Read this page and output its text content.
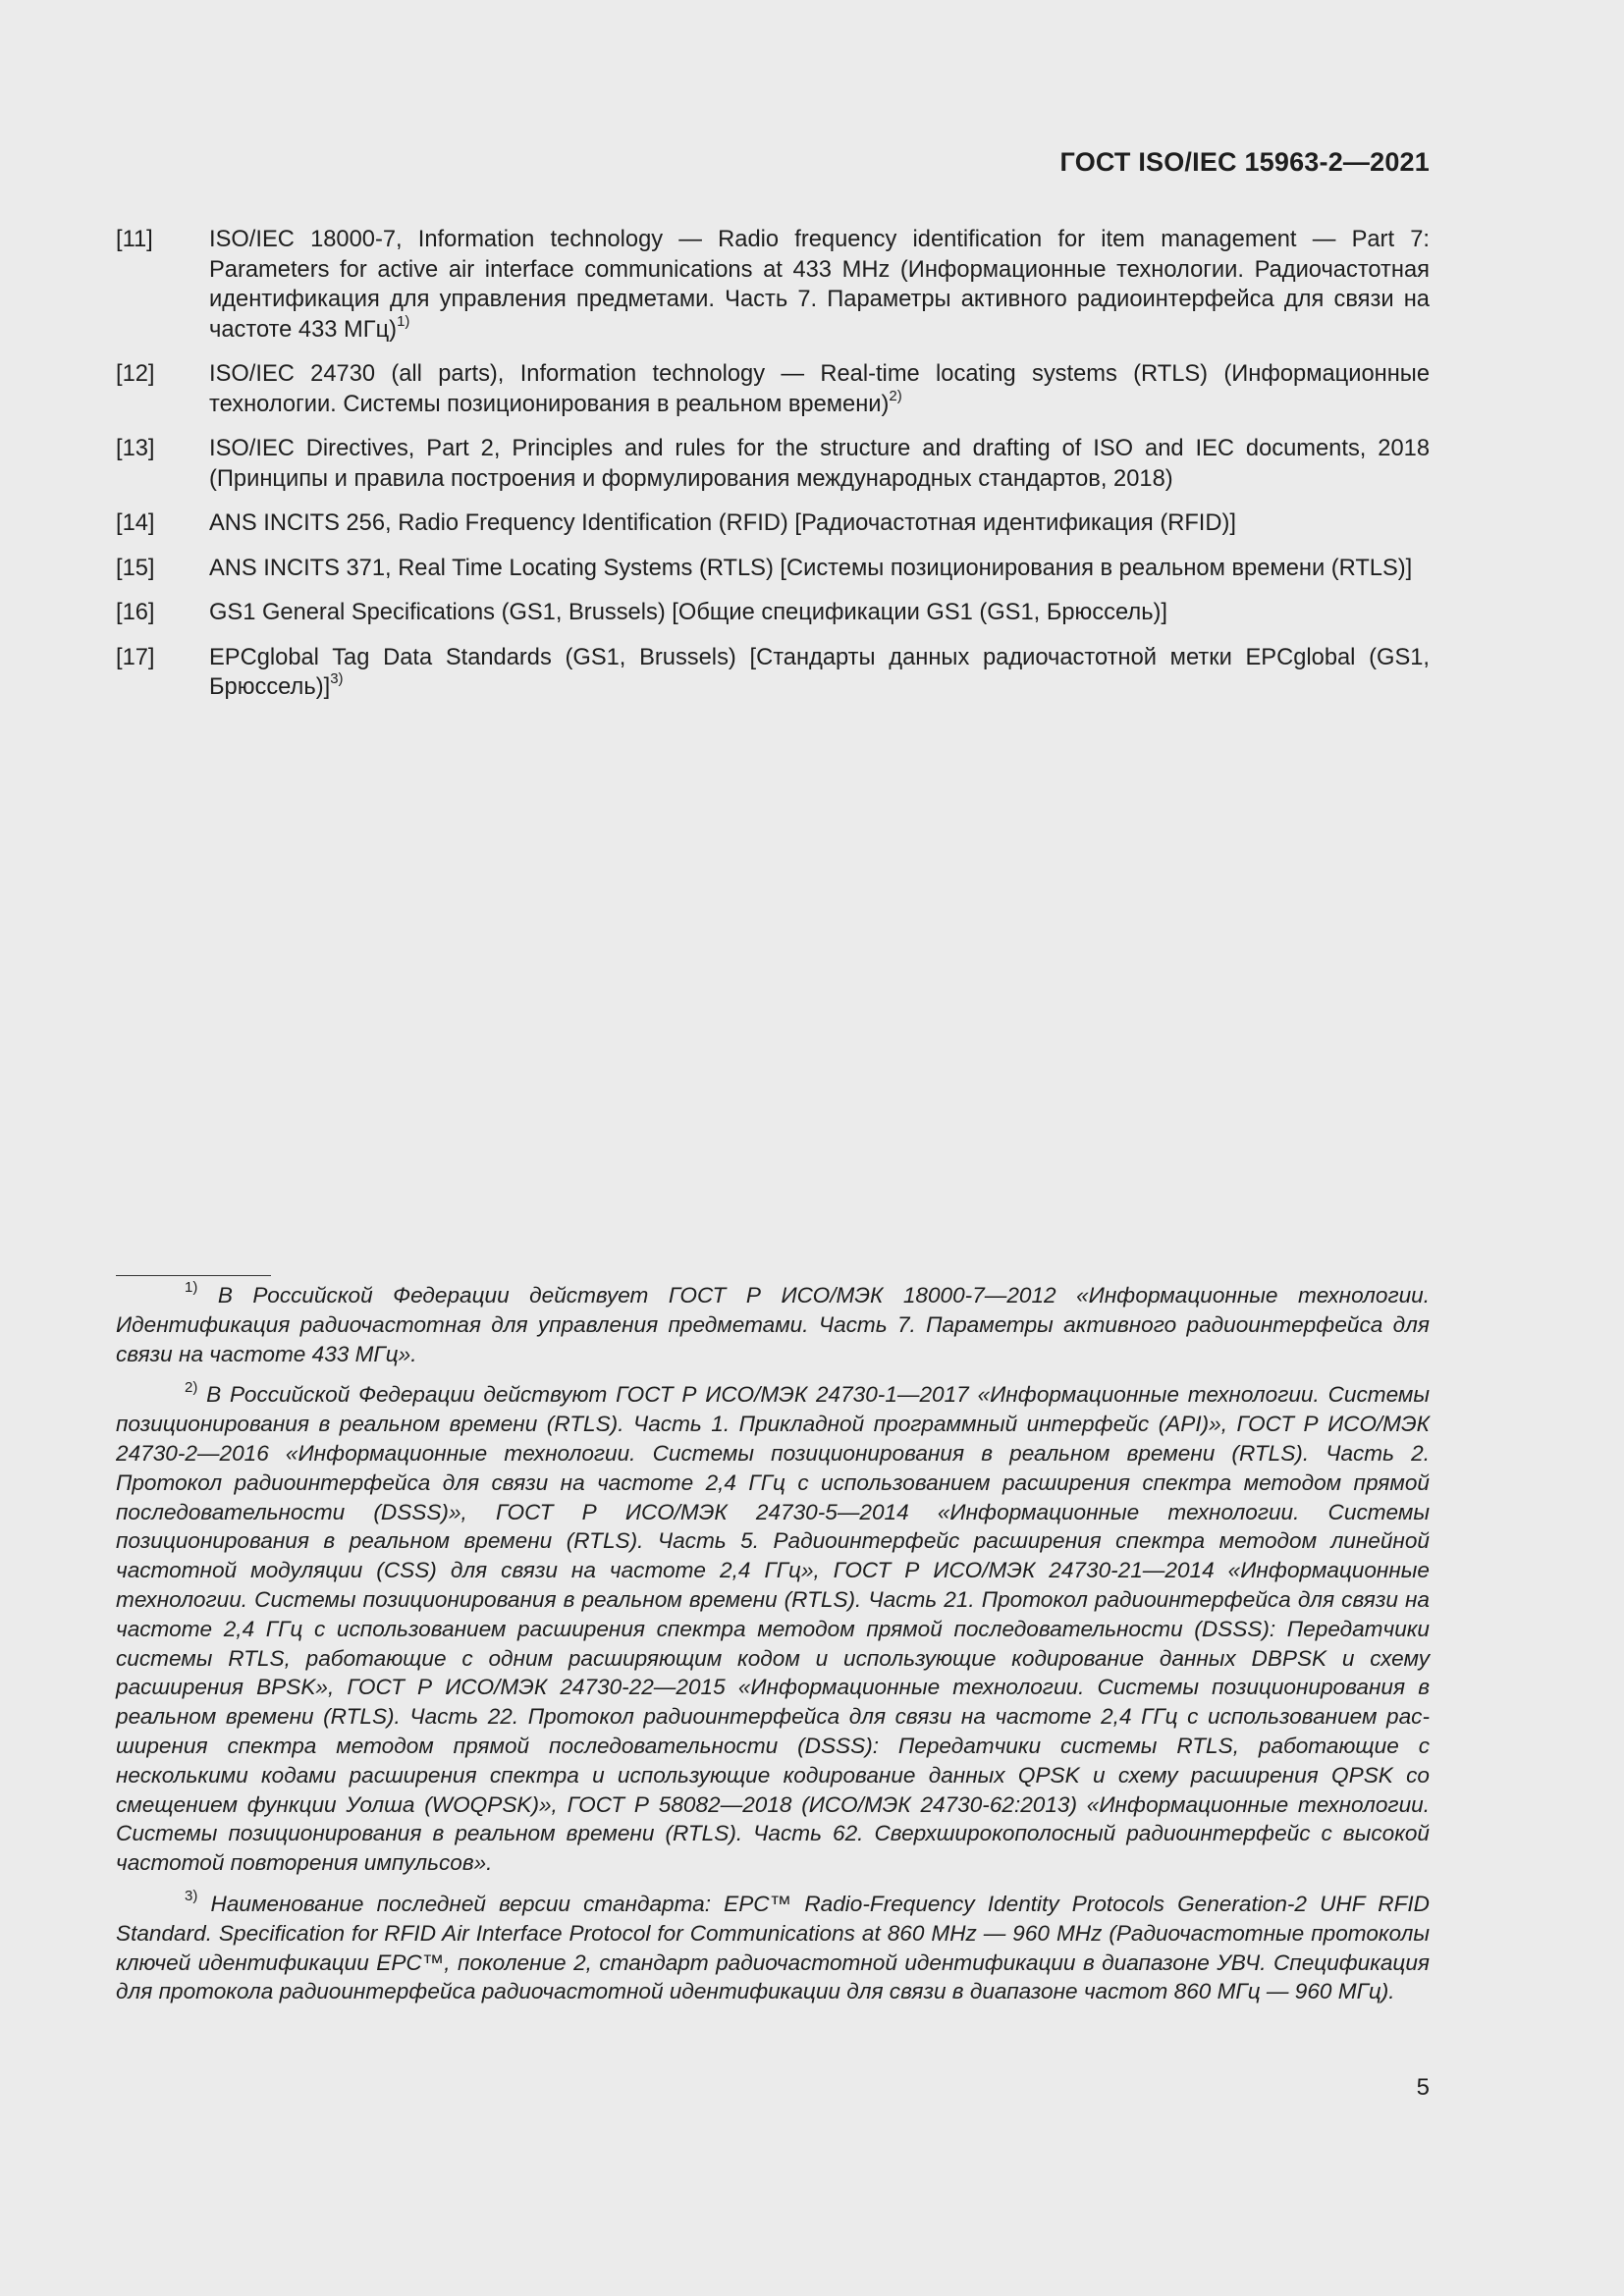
ГОСТ ISO/IEC 15963-2—2021
[11]	ISO/IEC 18000-7, Information technology — Radio frequency identification for item management — Part 7: Parameters for active air interface communications at 433 MHz (Информационные технологии. Радиочастотная идентификация для управления предметами. Часть 7. Параметры активного радиоинтерфейса для связи на частоте 433 МГц)$^{1)}$
[12]	ISO/IEC 24730 (all parts), Information technology — Real-time locating systems (RTLS) (Информационные технологии. Системы позиционирования в реальном времени)$^{2)}$
[13]	ISO/IEC Directives, Part 2, Principles and rules for the structure and drafting of ISO and IEC documents, 2018 (Принципы и правила построения и формулирования международных стандартов, 2018)
[14]	ANS INCITS 256, Radio Frequency Identification (RFID) [Радиочастотная идентификация (RFID)]
[15]	ANS INCITS 371, Real Time Locating Systems (RTLS) [Системы позиционирования в реальном времени (RTLS)]
[16]	GS1 General Specifications (GS1, Brussels) [Общие спецификации GS1 (GS1, Брюссель)]
[17]	EPCglobal Tag Data Standards (GS1, Brussels) [Стандарты данных радиочастотной метки EPCglobal (GS1, Брюссель)]$^{3)}$
$^{1)}$ В Российской Федерации действует ГОСТ Р ИСО/МЭК 18000-7—2012 «Информационные технологии. Идентификация радиочастотная для управления предметами. Часть 7. Параметры активного радиоинтерфейса для связи на частоте 433 МГц».
$^{2)}$ В Российской Федерации действуют ГОСТ Р ИСО/МЭК 24730-1—2017 «Информационные технологии. Системы позиционирования в реальном времени (RTLS). Часть 1. Прикладной программный интерфейс (API)», ГОСТ Р ИСО/МЭК 24730-2—2016 «Информационные технологии. Системы позиционирования в реальном времени (RTLS). Часть 2. Протокол радиоинтерфейса для связи на частоте 2,4 ГГц с использованием расширения спектра методом прямой последовательности (DSSS)», ГОСТ Р ИСО/МЭК 24730-5—2014 «Информационные технологии. Системы позиционирования в реальном времени (RTLS). Часть 5. Радиоинтерфейс расширения спектра методом линейной частотной модуляции (CSS) для связи на частоте 2,4 ГГц», ГОСТ Р ИСО/МЭК 24730-21—2014 «Информационные технологии. Системы позиционирования в реальном времени (RTLS). Часть 21. Протокол радиоинтерфейса для связи на частоте 2,4 ГГц с использованием расширения спектра методом прямой последовательности (DSSS): Передатчики системы RTLS, работающие с одним расширяющим кодом и использующие кодирование данных DBPSK и схему расширения BPSK», ГОСТ Р ИСО/МЭК 24730-22—2015 «Информационные технологии. Системы позиционирования в реальном времени (RTLS). Часть 22. Протокол радиоинтерфейса для связи на частоте 2,4 ГГц с использованием расширения спектра методом прямой последовательности (DSSS): Передатчики системы RTLS, работающие с несколькими кодами расширения спектра и использующие кодирование данных QPSK и схему расширения QPSK со смещением функции Уолша (WOQPSK)», ГОСТ Р 58082—2018 (ИСО/МЭК 24730-62:2013) «Информационные технологии. Системы позиционирования в реальном времени (RTLS). Часть 62. Сверхширокополосный радиоинтерфейс с высокой частотой повторения импульсов».
$^{3)}$ Наименование последней версии стандарта: EPC™ Radio-Frequency Identity Protocols Generation-2 UHF RFID Standard. Specification for RFID Air Interface Protocol for Communications at 860 MHz — 960 MHz (Радиочастотные протоколы ключей идентификации EPC™, поколение 2, стандарт радиочастотной идентификации в диапазоне УВЧ. Спецификация для протокола радиоинтерфейса радиочастотной идентификации для связи в диапазоне частот 860 МГц — 960 МГц).
5
